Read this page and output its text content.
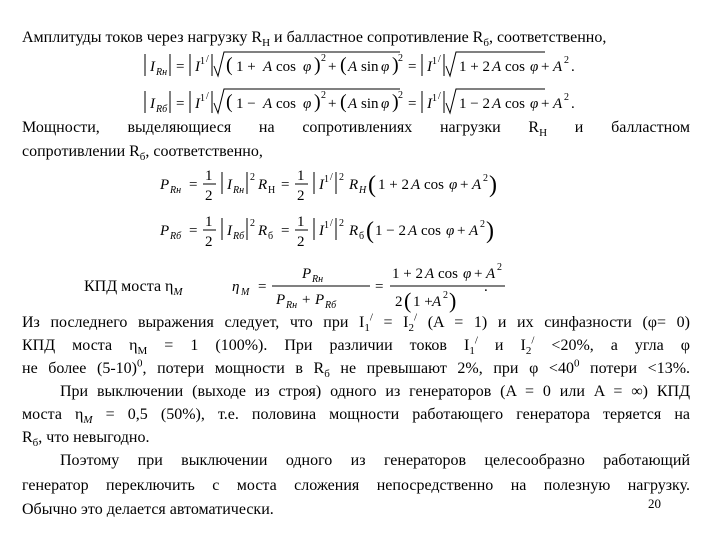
Амплитуды токов через нагрузку $R_Н$ и балластное сопротивление $R_б$, соответственно,
I Rн = I 1 / ( 1 + A cos φ ) 2
+ ( A sin φ ) 2
= I 1 / 1 + 2 A cos φ + A 2 .
I Rб = I 1 / ( 1 − A cos φ ) 2
+ ( A sin φ ) 2
= I 1 / 1 − 2 A cos φ + A 2 .
P Rн =
1
2
I Rн
2 R Н =
1
2
I 1 / 2 R H ( 1 + 2 A cos φ + A 2 )
P Rб =
1
2
I Rб
2 R б =
1
2
I 1 / 2 R б ( 1 − 2 A cos φ + A 2 )
η M =
P Rн
P Rн + P Rб
=
1 + 2 A cos φ + A 2
2 ( 1 + A 2 )
.
Мощности, выделяющиеся на сопротивлениях нагрузки $R_Н$ и балластном
сопротивлении $R_б$, соответственно,
КПД моста $\eta_М$
Из последнего выражения следует, что при $I_1^/ = I_2^/$ (A = 1) и их синфазности (φ= 0)
КПД моста $\eta_М = 1$ (100%). При различии токов $I_1^/$ и $I_2^/ <20\%$, а угла φ
не более $(5-10)^0$, потери мощности в $R_б$ не превышают 2%, при $\varphi <40^0$ потери <13%.
При выключении (выходе из строя) одного из генераторов (A = 0 или A = ∞) КПД
моста $\eta_М = 0,5$ (50%), т.е. половина мощности работающего генератора теряется на
$R_б$, что невыгодно.
Поэтому при выключении одного из генераторов целесообразно работающий
генератор переключить с моста сложения непосредственно на полезную нагрузку.
Обычно это делается автоматически.	20
